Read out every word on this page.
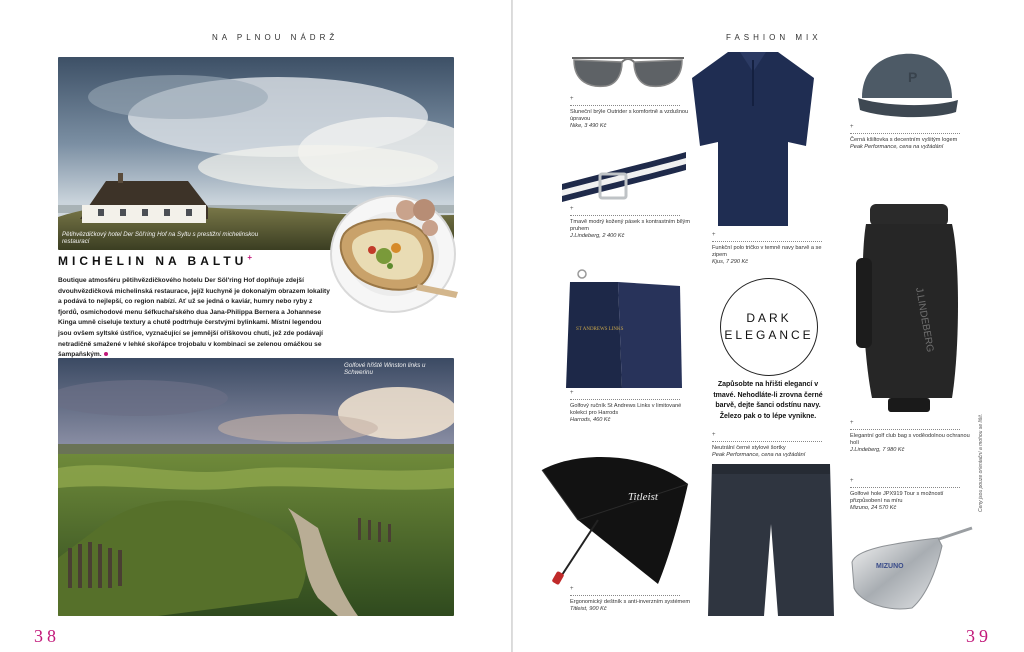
NA PLNOU NÁDRŽ
Pětihvězdičkový hotel Der Söl'ring Hof na Syltu s prestižní michelinskou restaurací
MICHELIN NA BALTU+
Boutique atmosféru pětihvězdičkového hotelu Der Söl'ring Hof doplňuje zdejší dvouhvězdičková michelinská restaurace, jejíž kuchyně je dokonalým obrazem lokality a podává to nejlepší, co region nabízí. Ať už se jedná o kaviár, humry nebo ryby z fjordů, osmichodové menu šéfkuchařského dua Jana-Philippa Bernera a Johannese Kinga umně ciseluje textury a chutě podtrhuje čerstvými bylinkami. Místní legendou jsou ovšem syltské ústřice, vyznačující se jemnější oříškovou chutí, jež zde podávají netradičně smažené v lehké skořápce trojobalu v kombinaci se zelenou omáčkou se šampaňským.
Golfové hřiště Winston links u Schwerinu
38
FASHION MIX
+
Sluneční brýle Outrider s komfortně a vzdušnou úpravou
Nike, 3 490 Kč
+
Tmavě modrý kožený pásek s kontrastním bílým pruhem
J.Lindeberg, 2 400 Kč	+
Funkční polo tričko v temně navy barvě a se zipem
Kjus, 7 290 Kč
P
+
Černá kšiltovka s decentním vyšitým logem
Peak Performance, cena na vyžádání
J.LINDEBERG
+
Elegantní golf club bag s voděodolnou ochranou holí
J.Lindeberg, 7 980 Kč
ST ANDREWS LINKS
+
Golfový ručník St Andrews Links v limitované kolekci pro Harrods
Harrods, 460 Kč
DARK
ELEGANCE
Zapůsobte na hřišti elegancí v tmavé. Nehodláte-li zrovna černé barvě, dejte šanci odstínu navy. Železo pak o to lépe vynikne.
+
Neutrální černé stylové šortky
Peak Performance, cena na vyžádání
Titleist
+
Ergonomický deštník s anti-inverzním systémem
Titleist, 900 Kč
+
Golfové hole JPX919 Tour s možností přizpůsobení na míru
Mizuno, 24 570 Kč
MIZUNO
Ceny jsou pouze orientační a mohou se lišit.
39
